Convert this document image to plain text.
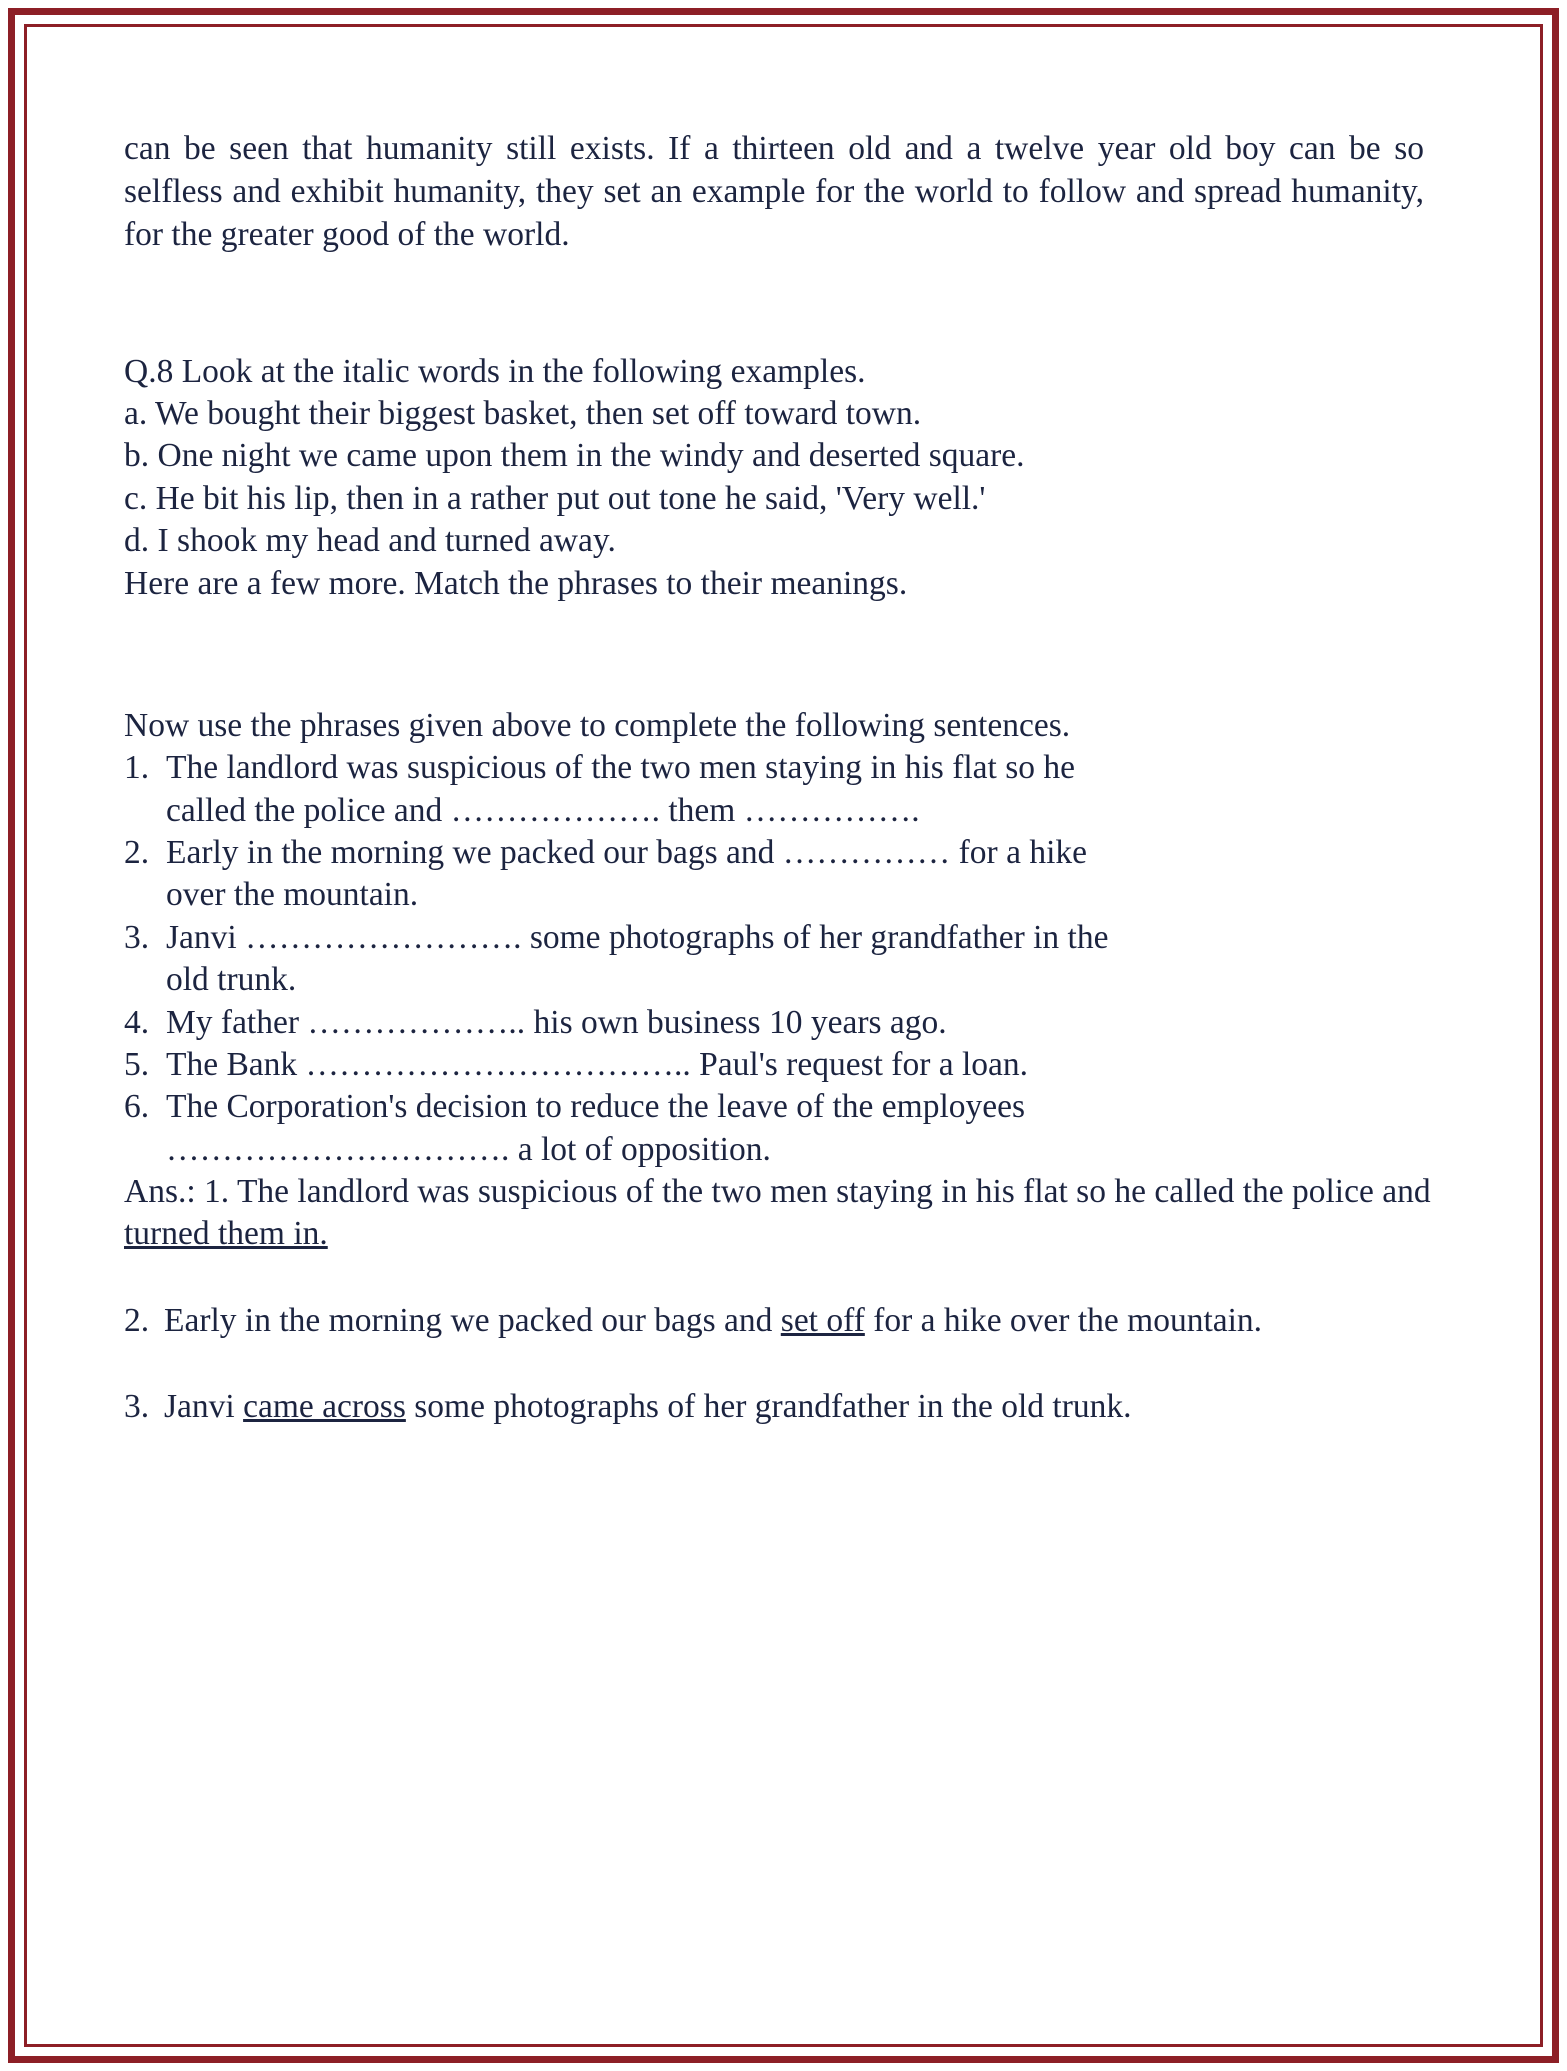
can be seen that humanity still exists. If a thirteen old and a twelve year old boy can be so selfless and exhibit humanity, they set an example for the world to follow and spread humanity, for the greater good of the world.

Q.8 Look at the italic words in the following examples.
a. We bought their biggest basket, then set off toward town.
b. One night we came upon them in the windy and deserted square.
c. He bit his lip, then in a rather put out tone he said, 'Very well.'
d. I shook my head and turned away.
Here are a few more. Match the phrases to their meanings.
Now use the phrases given above to complete the following sentences.
1. The landlord was suspicious of the two men staying in his flat so he
called the police and ………………. them …………….
2. Early in the morning we packed our bags and …………… for a hike
over the mountain.
3. Janvi ……………………. some photographs of her grandfather in the
old trunk.
4. My father ……………….. his own business 10 years ago.
5. The Bank …………………………….. Paul's request for a loan.
6. The Corporation's decision to reduce the leave of the employees
…………………………. a lot of opposition.
Ans.: 1. The landlord was suspicious of the two men staying in his flat so he called the police and turned them in.
2. Early in the morning we packed our bags and set off for a hike over the mountain.
3. Janvi came across some photographs of her grandfather in the old trunk.
